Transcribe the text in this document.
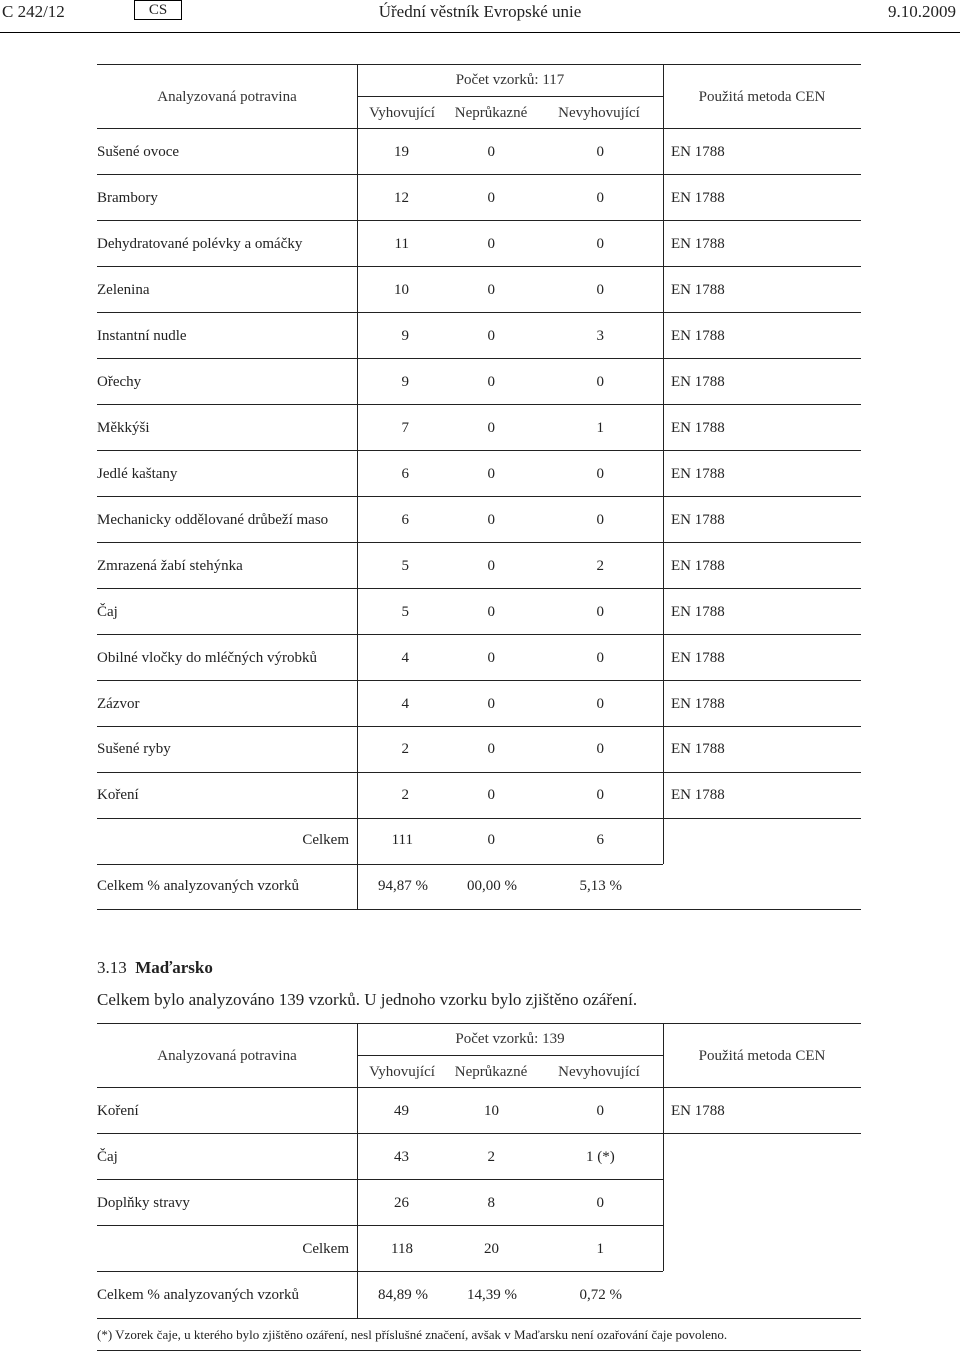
C 242/12	CS	Úřední věstník Evropské unie	9.10.2009
Analyzovaná potravina
Počet vzorků: 117
Vyhovující	Neprůkazné	Nevyhovující
Použitá metoda CEN
Sušené ovoce	19	0	0	EN 1788
Brambory	12	0	0	EN 1788
Dehydratované polévky a omáčky	11	0	0	EN 1788
Zelenina	10	0	0	EN 1788
Instantní nudle	9	0	3	EN 1788
Ořechy	9	0	0	EN 1788
Měkkýši	7	0	1	EN 1788
Jedlé kaštany	6	0	0	EN 1788
Mechanicky oddělované drůbeží maso	6	0	0	EN 1788
Zmrazená žabí stehýnka	5	0	2	EN 1788
Čaj	5	0	0	EN 1788
Obilné vločky do mléčných výrobků	4	0	0	EN 1788
Zázvor	4	0	0	EN 1788
Sušené ryby	2	0	0	EN 1788
Koření	2	0	0	EN 1788
Celkem	111	0	6
Celkem % analyzovaných vzorků	94,87 %	00,00 %	5,13 %
3.13 Maďarsko
Celkem bylo analyzováno 139 vzorků. U jednoho vzorku bylo zjištěno ozáření.
Analyzovaná potravina
Počet vzorků: 139
Vyhovující	Neprůkazné	Nevyhovující
Použitá metoda CEN
Koření	49	10	0	EN 1788
Čaj	43	2	1 (*)
Doplňky stravy	26	8	0
Celkem	118	20	1
Celkem % analyzovaných vzorků	84,89 %	14,39 %	0,72 %
(*) Vzorek čaje, u kterého bylo zjištěno ozáření, nesl příslušné značení, avšak v Maďarsku není ozařování čaje povoleno.
